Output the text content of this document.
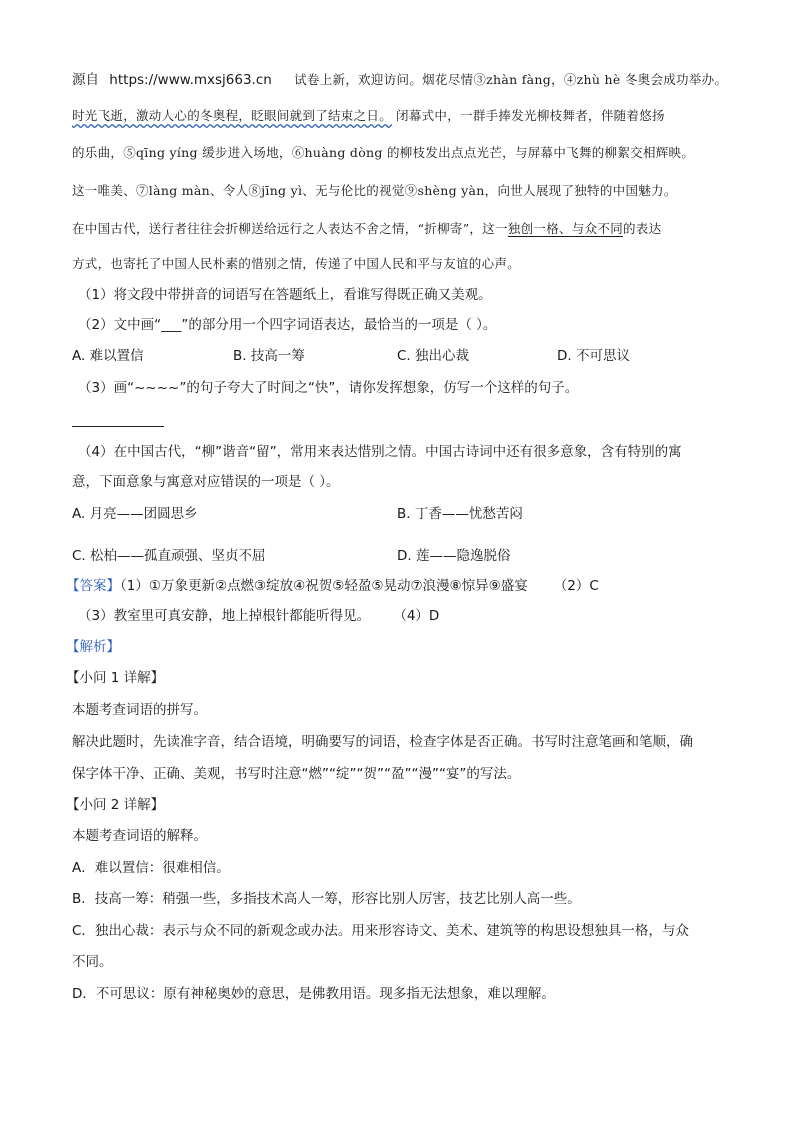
源自 https://www.mxsj663.cn 试卷上新，欢迎访问。烟花尽情③zhàn fàng，④zhù hè 冬奥会成功举办。
时光飞逝，激动人心的冬奥程，眨眼间就到了结束之日。 闭幕式中，一群手捧发光柳枝舞者，伴随着悠扬
的乐曲，⑤qīng yíng 缓步进入场地，⑥huàng dòng 的柳枝发出点点光芒，与屏幕中飞舞的柳絮交相辉映。
这一唯美、⑦làng màn、令人⑧jīng yì、无与伦比的视觉⑨shèng yàn，向世人展现了独特的中国魅力。
在中国古代，送行者往往会折柳送给远行之人表达不舍之情，“折柳寄”，这一独创一格、与众不同的表达
方式，也寄托了中国人民朴素的惜别之情，传递了中国人民和平与友谊的心声。
（1）将文段中带拼音的词语写在答题纸上，看谁写得既正确又美观。
（2）文中画“___”的部分用一个四字词语表达，最恰当的一项是（ ）。
A. 难以置信	B. 技高一筹	C. 独出心裁	D. 不可思议
（3）画“~~~~”的句子夸大了时间之“快”，请你发挥想象，仿写一个这样的句子。
（4）在中国古代，“柳”谐音“留”，常用来表达惜别之情。中国古诗词中还有很多意象，含有特别的寓
意，下面意象与寓意对应错误的一项是（ ）。
A. 月亮——团圆思乡	B. 丁香——忧愁苦闷
C. 松柏——孤直顽强、坚贞不屈	D. 莲——隐逸脱俗
【答案】（1）①万象更新②点燃③绽放④祝贺⑤轻盈⑤晃动⑦浪漫⑧惊异⑨盛宴 （2）C
（3）教室里可真安静，地上掉根针都能听得见。 （4）D
【解析】
【小问 1 详解】
本题考查词语的拼写。
解决此题时，先读准字音，结合语境，明确要写的词语，检查字体是否正确。书写时注意笔画和笔顺，确
保字体干净、正确、美观，书写时注意“燃”“绽”“贺”“盈”“漫”“宴”的写法。
【小问 2 详解】
本题考查词语的解释。
A．难以置信：很难相信。
B．技高一筹：稍强一些，多指技术高人一筹，形容比别人厉害，技艺比别人高一些。
C．独出心裁：表示与众不同的新观念或办法。用来形容诗文、美术、建筑等的构思设想独具一格，与众
不同。
D．不可思议：原有神秘奥妙的意思，是佛教用语。现多指无法想象，难以理解。
